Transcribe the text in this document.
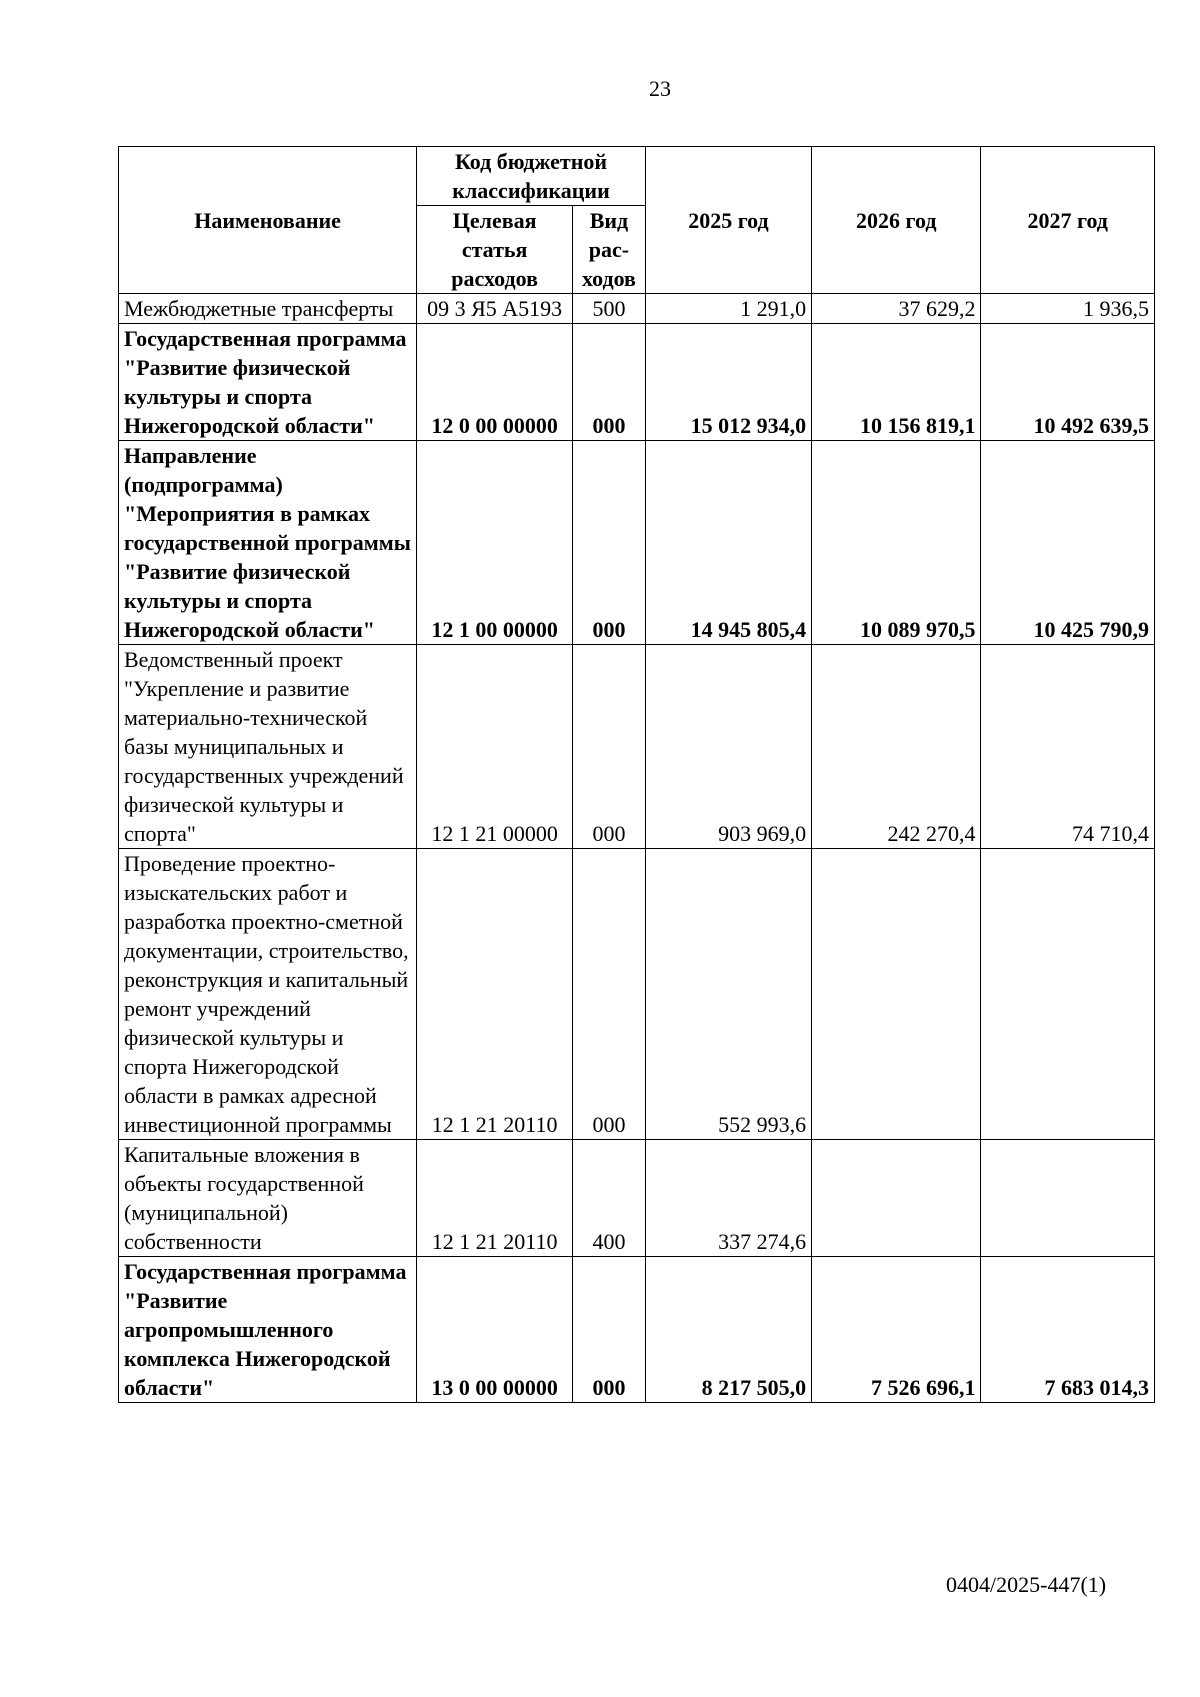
23
Наименование	Код бюджетной классификации		2025 год	2026 год	2027 год
	Целевая статья расходов	Вид рас- ходов			
Межбюджетные трансферты	09 3 Я5 А5193	500	1 291,0	37 629,2	1 936,5
Государственная программа "Развитие физической культуры и спорта Нижегородской области"	12 0 00 00000	000	15 012 934,0	10 156 819,1	10 492 639,5
Направление (подпрограмма) "Мероприятия в рамках государственной программы "Развитие физической культуры и спорта Нижегородской области"	12 1 00 00000	000	14 945 805,4	10 089 970,5	10 425 790,9
Ведомственный проект "Укрепление и развитие материально-технической базы муниципальных и государственных учреждений физической культуры и спорта"	12 1 21 00000	000	903 969,0	242 270,4	74 710,4
Проведение проектно-изыскательских работ и разработка проектно-сметной документации, строительство, реконструкция и капитальный ремонт учреждений физической культуры и спорта Нижегородской области в рамках адресной инвестиционной программы	12 1 21 20110	000	552 993,6		
Капитальные вложения в объекты государственной (муниципальной) собственности	12 1 21 20110	400	337 274,6		
Государственная программа "Развитие агропромышленного комплекса Нижегородской области"	13 0 00 00000	000	8 217 505,0	7 526 696,1	7 683 014,3
0404/2025-447(1)
